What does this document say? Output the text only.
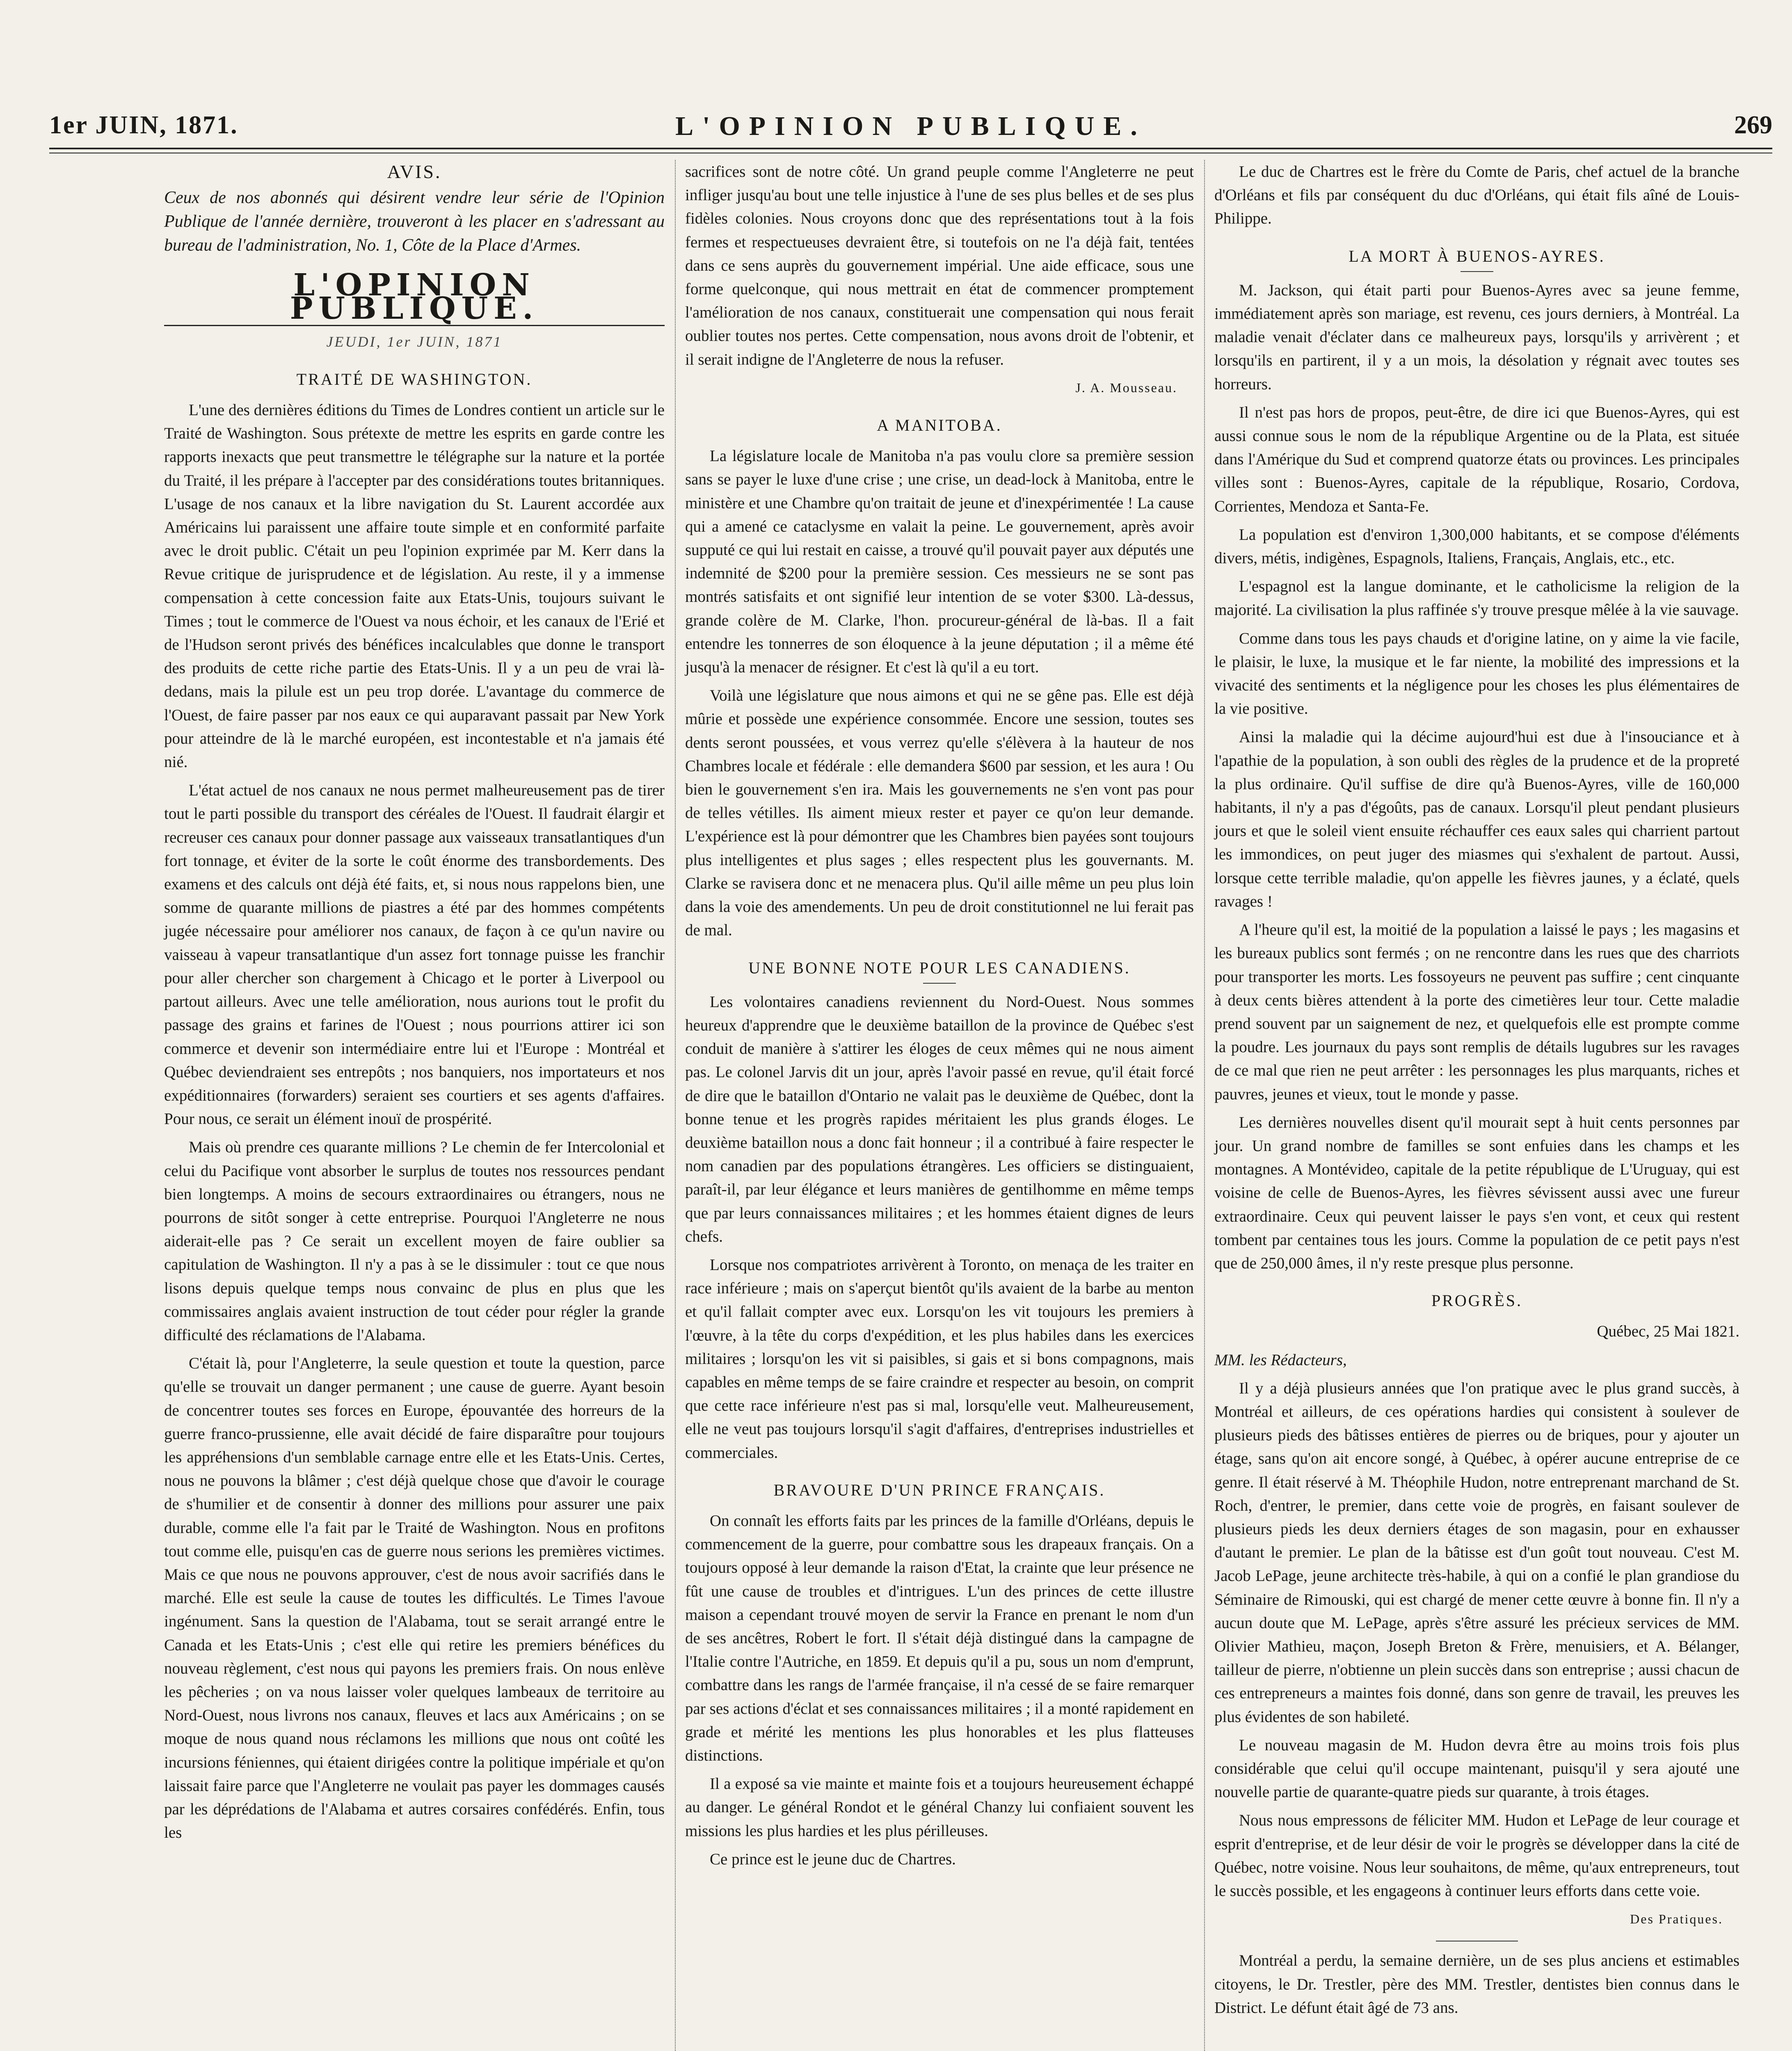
1er JUIN, 1871.	L'OPINION PUBLIQUE.	269
AVIS.

Ceux de nos abonnés qui désirent vendre leur série de l'Opinion Publique de l'année dernière, trouveront à les placer en s'adressant au bureau de l'administration, No. 1, Côte de la Place d'Armes.

L'OPINION PUBLIQUE.
JEUDI, 1er JUIN, 1871
TRAITÉ DE WASHINGTON.

L'une des dernières éditions du Times de Londres contient un article sur le Traité de Washington. Sous prétexte de mettre les esprits en garde contre les rapports inexacts que peut transmettre le télégraphe sur la nature et la portée du Traité, il les prépare à l'accepter par des considérations toutes britanniques. L'usage de nos canaux et la libre navigation du St. Laurent accordée aux Américains lui paraissent une affaire toute simple et en conformité parfaite avec le droit public. C'était un peu l'opinion exprimée par M. Kerr dans la Revue critique de jurisprudence et de législation. Au reste, il y a immense compensation à cette concession faite aux Etats-Unis, toujours suivant le Times ; tout le commerce de l'Ouest va nous échoir, et les canaux de l'Erié et de l'Hudson seront privés des bénéfices incalculables que donne le transport des produits de cette riche partie des Etats-Unis. Il y a un peu de vrai là-dedans, mais la pilule est un peu trop dorée. L'avantage du commerce de l'Ouest, de faire passer par nos eaux ce qui auparavant passait par New York pour atteindre de là le marché européen, est incontestable et n'a jamais été nié.

L'état actuel de nos canaux ne nous permet malheureusement pas de tirer tout le parti possible du transport des céréales de l'Ouest. Il faudrait élargir et recreuser ces canaux pour donner passage aux vaisseaux transatlantiques d'un fort tonnage, et éviter de la sorte le coût énorme des transbordements. Des examens et des calculs ont déjà été faits, et, si nous nous rappelons bien, une somme de quarante millions de piastres a été par des hommes compétents jugée nécessaire pour améliorer nos canaux, de façon à ce qu'un navire ou vaisseau à vapeur transatlantique d'un assez fort tonnage puisse les franchir pour aller chercher son chargement à Chicago et le porter à Liverpool ou partout ailleurs. Avec une telle amélioration, nous aurions tout le profit du passage des grains et farines de l'Ouest ; nous pourrions attirer ici son commerce et devenir son intermédiaire entre lui et l'Europe : Montréal et Québec deviendraient ses entrepôts ; nos banquiers, nos importateurs et nos expéditionnaires (forwarders) seraient ses courtiers et ses agents d'affaires. Pour nous, ce serait un élément inouï de prospérité.

Mais où prendre ces quarante millions ? Le chemin de fer Intercolonial et celui du Pacifique vont absorber le surplus de toutes nos ressources pendant bien longtemps. A moins de secours extraordinaires ou étrangers, nous ne pourrons de sitôt songer à cette entreprise. Pourquoi l'Angleterre ne nous aiderait-elle pas ? Ce serait un excellent moyen de faire oublier sa capitulation de Washington. Il n'y a pas à se le dissimuler : tout ce que nous lisons depuis quelque temps nous convainc de plus en plus que les commissaires anglais avaient instruction de tout céder pour régler la grande difficulté des réclamations de l'Alabama.

C'était là, pour l'Angleterre, la seule question et toute la question, parce qu'elle se trouvait un danger permanent ; une cause de guerre. Ayant besoin de concentrer toutes ses forces en Europe, épouvantée des horreurs de la guerre franco-prussienne, elle avait décidé de faire disparaître pour toujours les appréhensions d'un semblable carnage entre elle et les Etats-Unis. Certes, nous ne pouvons la blâmer ; c'est déjà quelque chose que d'avoir le courage de s'humilier et de consentir à donner des millions pour assurer une paix durable, comme elle l'a fait par le Traité de Washington. Nous en profitons tout comme elle, puisqu'en cas de guerre nous serions les premières victimes. Mais ce que nous ne pouvons approuver, c'est de nous avoir sacrifiés dans le marché. Elle est seule la cause de toutes les difficultés. Le Times l'avoue ingénument. Sans la question de l'Alabama, tout se serait arrangé entre le Canada et les Etats-Unis ; c'est elle qui retire les premiers bénéfices du nouveau règlement, c'est nous qui payons les premiers frais. On nous enlève les pêcheries ; on va nous laisser voler quelques lambeaux de territoire au Nord-Ouest, nous livrons nos canaux, fleuves et lacs aux Américains ; on se moque de nous quand nous réclamons les millions que nous ont coûté les incursions féniennes, qui étaient dirigées contre la politique impériale et qu'on laissait faire parce que l'Angleterre ne voulait pas payer les dommages causés par les déprédations de l'Alabama et autres corsaires confédérés. Enfin, tous les

sacrifices sont de notre côté. Un grand peuple comme l'Angleterre ne peut infliger jusqu'au bout une telle injustice à l'une de ses plus belles et de ses plus fidèles colonies. Nous croyons donc que des représentations tout à la fois fermes et respectueuses devraient être, si toutefois on ne l'a déjà fait, tentées dans ce sens auprès du gouvernement impérial. Une aide efficace, sous une forme quelconque, qui nous mettrait en état de commencer promptement l'amélioration de nos canaux, constituerait une compensation qui nous ferait oublier toutes nos pertes. Cette compensation, nous avons droit de l'obtenir, et il serait indigne de l'Angleterre de nous la refuser.

J. A. Mousseau.
A MANITOBA.

La législature locale de Manitoba n'a pas voulu clore sa première session sans se payer le luxe d'une crise ; une crise, un dead-lock à Manitoba, entre le ministère et une Chambre qu'on traitait de jeune et d'inexpérimentée ! La cause qui a amené ce cataclysme en valait la peine. Le gouvernement, après avoir supputé ce qui lui restait en caisse, a trouvé qu'il pouvait payer aux députés une indemnité de $200 pour la première session. Ces messieurs ne se sont pas montrés satisfaits et ont signifié leur intention de se voter $300. Là-dessus, grande colère de M. Clarke, l'hon. procureur-général de là-bas. Il a fait entendre les tonnerres de son éloquence à la jeune députation ; il a même été jusqu'à la menacer de résigner. Et c'est là qu'il a eu tort.

Voilà une législature que nous aimons et qui ne se gêne pas. Elle est déjà mûrie et possède une expérience consommée. Encore une session, toutes ses dents seront poussées, et vous verrez qu'elle s'élèvera à la hauteur de nos Chambres locale et fédérale : elle demandera $600 par session, et les aura ! Ou bien le gouvernement s'en ira. Mais les gouvernements ne s'en vont pas pour de telles vétilles. Ils aiment mieux rester et payer ce qu'on leur demande. L'expérience est là pour démontrer que les Chambres bien payées sont toujours plus intelligentes et plus sages ; elles respectent plus les gouvernants. M. Clarke se ravisera donc et ne menacera plus. Qu'il aille même un peu plus loin dans la voie des amendements. Un peu de droit constitutionnel ne lui ferait pas de mal.

UNE BONNE NOTE POUR LES CANADIENS.

Les volontaires canadiens reviennent du Nord-Ouest. Nous sommes heureux d'apprendre que le deuxième bataillon de la province de Québec s'est conduit de manière à s'attirer les éloges de ceux mêmes qui ne nous aiment pas. Le colonel Jarvis dit un jour, après l'avoir passé en revue, qu'il était forcé de dire que le bataillon d'Ontario ne valait pas le deuxième de Québec, dont la bonne tenue et les progrès rapides méritaient les plus grands éloges. Le deuxième bataillon nous a donc fait honneur ; il a contribué à faire respecter le nom canadien par des populations étrangères. Les officiers se distinguaient, paraît-il, par leur élégance et leurs manières de gentilhomme en même temps que par leurs connaissances militaires ; et les hommes étaient dignes de leurs chefs.

Lorsque nos compatriotes arrivèrent à Toronto, on menaça de les traiter en race inférieure ; mais on s'aperçut bientôt qu'ils avaient de la barbe au menton et qu'il fallait compter avec eux. Lorsqu'on les vit toujours les premiers à l'œuvre, à la tête du corps d'expédition, et les plus habiles dans les exercices militaires ; lorsqu'on les vit si paisibles, si gais et si bons compagnons, mais capables en même temps de se faire craindre et respecter au besoin, on comprit que cette race inférieure n'est pas si mal, lorsqu'elle veut. Malheureusement, elle ne veut pas toujours lorsqu'il s'agit d'affaires, d'entreprises industrielles et commerciales.

BRAVOURE D'UN PRINCE FRANÇAIS.

On connaît les efforts faits par les princes de la famille d'Orléans, depuis le commencement de la guerre, pour combattre sous les drapeaux français. On a toujours opposé à leur demande la raison d'Etat, la crainte que leur présence ne fût une cause de troubles et d'intrigues. L'un des princes de cette illustre maison a cependant trouvé moyen de servir la France en prenant le nom d'un de ses ancêtres, Robert le fort. Il s'était déjà distingué dans la campagne de l'Italie contre l'Autriche, en 1859. Et depuis qu'il a pu, sous un nom d'emprunt, combattre dans les rangs de l'armée française, il n'a cessé de se faire remarquer par ses actions d'éclat et ses connaissances militaires ; il a monté rapidement en grade et mérité les mentions les plus honorables et les plus flatteuses distinctions.

Il a exposé sa vie mainte et mainte fois et a toujours heureusement échappé au danger. Le général Rondot et le général Chanzy lui confiaient souvent les missions les plus hardies et les plus périlleuses.

Ce prince est le jeune duc de Chartres.

Le duc de Chartres est le frère du Comte de Paris, chef actuel de la branche d'Orléans et fils par conséquent du duc d'Orléans, qui était fils aîné de Louis-Philippe.

LA MORT À BUENOS-AYRES.

M. Jackson, qui était parti pour Buenos-Ayres avec sa jeune femme, immédiatement après son mariage, est revenu, ces jours derniers, à Montréal. La maladie venait d'éclater dans ce malheureux pays, lorsqu'ils y arrivèrent ; et lorsqu'ils en partirent, il y a un mois, la désolation y régnait avec toutes ses horreurs.

Il n'est pas hors de propos, peut-être, de dire ici que Buenos-Ayres, qui est aussi connue sous le nom de la république Argentine ou de la Plata, est située dans l'Amérique du Sud et comprend quatorze états ou provinces. Les principales villes sont : Buenos-Ayres, capitale de la république, Rosario, Cordova, Corrientes, Mendoza et Santa-Fe.

La population est d'environ 1,300,000 habitants, et se compose d'éléments divers, métis, indigènes, Espagnols, Italiens, Français, Anglais, etc., etc.

L'espagnol est la langue dominante, et le catholicisme la religion de la majorité. La civilisation la plus raffinée s'y trouve presque mêlée à la vie sauvage.

Comme dans tous les pays chauds et d'origine latine, on y aime la vie facile, le plaisir, le luxe, la musique et le far niente, la mobilité des impressions et la vivacité des sentiments et la négligence pour les choses les plus élémentaires de la vie positive.

Ainsi la maladie qui la décime aujourd'hui est due à l'insouciance et à l'apathie de la population, à son oubli des règles de la prudence et de la propreté la plus ordinaire. Qu'il suffise de dire qu'à Buenos-Ayres, ville de 160,000 habitants, il n'y a pas d'égoûts, pas de canaux. Lorsqu'il pleut pendant plusieurs jours et que le soleil vient ensuite réchauffer ces eaux sales qui charrient partout les immondices, on peut juger des miasmes qui s'exhalent de partout. Aussi, lorsque cette terrible maladie, qu'on appelle les fièvres jaunes, y a éclaté, quels ravages !

A l'heure qu'il est, la moitié de la population a laissé le pays ; les magasins et les bureaux publics sont fermés ; on ne rencontre dans les rues que des charriots pour transporter les morts. Les fossoyeurs ne peuvent pas suffire ; cent cinquante à deux cents bières attendent à la porte des cimetières leur tour. Cette maladie prend souvent par un saignement de nez, et quelquefois elle est prompte comme la poudre. Les journaux du pays sont remplis de détails lugubres sur les ravages de ce mal que rien ne peut arrêter : les personnages les plus marquants, riches et pauvres, jeunes et vieux, tout le monde y passe.

Les dernières nouvelles disent qu'il mourait sept à huit cents personnes par jour. Un grand nombre de familles se sont enfuies dans les champs et les montagnes. A Montévideo, capitale de la petite république de L'Uruguay, qui est voisine de celle de Buenos-Ayres, les fièvres sévissent aussi avec une fureur extraordinaire. Ceux qui peuvent laisser le pays s'en vont, et ceux qui restent tombent par centaines tous les jours. Comme la population de ce petit pays n'est que de 250,000 âmes, il n'y reste presque plus personne.

PROGRÈS.

Québec, 25 Mai 1821.

MM. les Rédacteurs,

Il y a déjà plusieurs années que l'on pratique avec le plus grand succès, à Montréal et ailleurs, de ces opérations hardies qui consistent à soulever de plusieurs pieds des bâtisses entières de pierres ou de briques, pour y ajouter un étage, sans qu'on ait encore songé, à Québec, à opérer aucune entreprise de ce genre. Il était réservé à M. Théophile Hudon, notre entreprenant marchand de St. Roch, d'entrer, le premier, dans cette voie de progrès, en faisant soulever de plusieurs pieds les deux derniers étages de son magasin, pour en exhausser d'autant le premier. Le plan de la bâtisse est d'un goût tout nouveau. C'est M. Jacob LePage, jeune architecte très-habile, à qui on a confié le plan grandiose du Séminaire de Rimouski, qui est chargé de mener cette œuvre à bonne fin. Il n'y a aucun doute que M. LePage, après s'être assuré les précieux services de MM. Olivier Mathieu, maçon, Joseph Breton & Frère, menuisiers, et A. Bélanger, tailleur de pierre, n'obtienne un plein succès dans son entreprise ; aussi chacun de ces entrepreneurs a maintes fois donné, dans son genre de travail, les preuves les plus évidentes de son habileté.

Le nouveau magasin de M. Hudon devra être au moins trois fois plus considérable que celui qu'il occupe maintenant, puisqu'il y sera ajouté une nouvelle partie de quarante-quatre pieds sur quarante, à trois étages.

Nous nous empressons de féliciter MM. Hudon et LePage de leur courage et esprit d'entreprise, et de leur désir de voir le progrès se développer dans la cité de Québec, notre voisine. Nous leur souhaitons, de même, qu'aux entrepreneurs, tout le succès possible, et les engageons à continuer leurs efforts dans cette voie.

Des Pratiques.

Montréal a perdu, la semaine dernière, un de ses plus anciens et estimables citoyens, le Dr. Trestler, père des MM. Trestler, dentistes bien connus dans le District. Le défunt était âgé de 73 ans.
